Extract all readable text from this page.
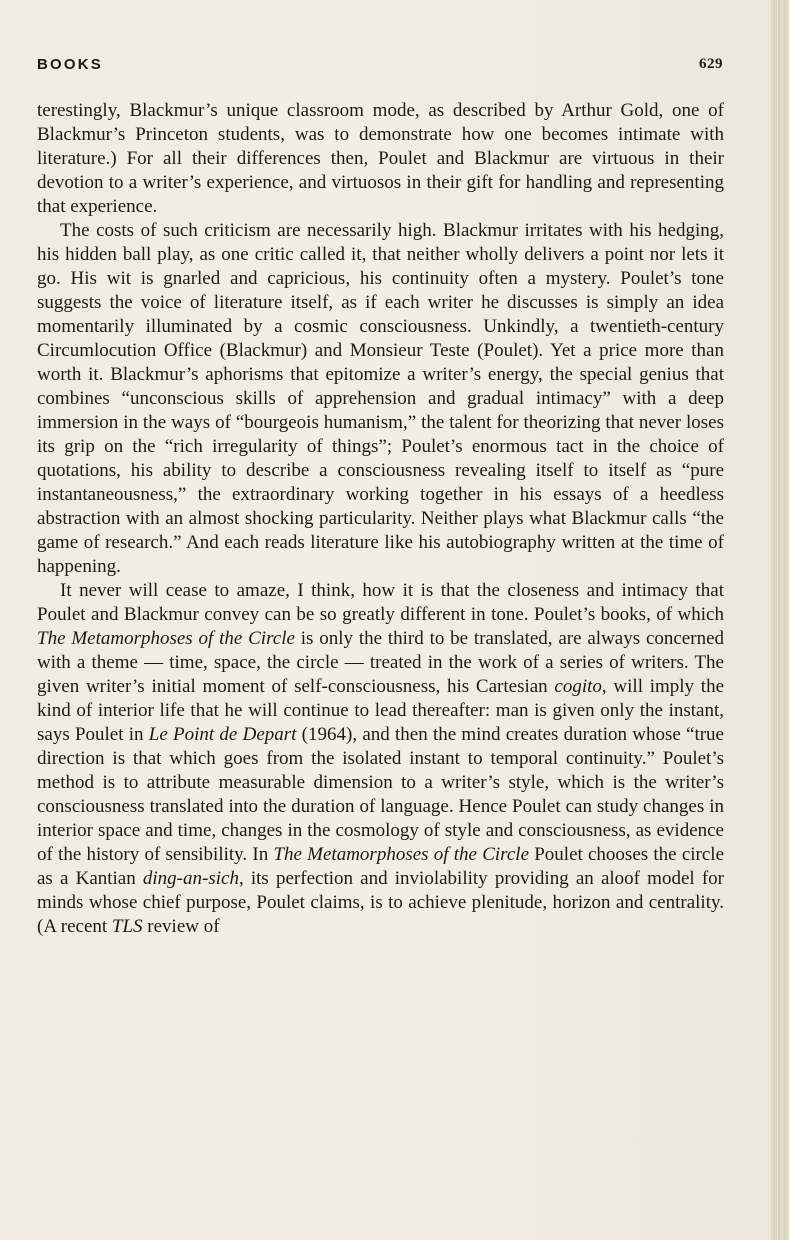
BOOKS	629

terestingly, Blackmur’s unique classroom mode, as described by Arthur Gold, one of Blackmur’s Princeton students, was to demonstrate how one becomes intimate with literature.) For all their differences then, Poulet and Blackmur are virtuous in their devotion to a writer’s experience, and virtuosos in their gift for handling and representing that experience.

The costs of such criticism are necessarily high. Blackmur irritates with his hedging, his hidden ball play, as one critic called it, that neither wholly delivers a point nor lets it go. His wit is gnarled and capricious, his continuity often a mystery. Poulet’s tone suggests the voice of literature itself, as if each writer he discusses is simply an idea momentarily illuminated by a cosmic consciousness. Unkindly, a twentieth-century Circumlocution Office (Blackmur) and Monsieur Teste (Poulet). Yet a price more than worth it. Blackmur’s aphorisms that epitomize a writer’s energy, the special genius that combines “unconscious skills of apprehension and gradual intimacy” with a deep immersion in the ways of “bourgeois humanism,” the talent for theorizing that never loses its grip on the “rich irregularity of things”; Poulet’s enormous tact in the choice of quotations, his ability to describe a consciousness revealing itself to itself as “pure instantaneousness,” the extraordinary working together in his essays of a heedless abstraction with an almost shocking particularity. Neither plays what Blackmur calls “the game of research.” And each reads literature like his autobiography written at the time of happening.

It never will cease to amaze, I think, how it is that the closeness and intimacy that Poulet and Blackmur convey can be so greatly different in tone. Poulet’s books, of which The Metamorphoses of the Circle is only the third to be translated, are always concerned with a theme — time, space, the circle — treated in the work of a series of writers. The given writer’s initial moment of self-consciousness, his Cartesian cogito, will imply the kind of interior life that he will continue to lead thereafter: man is given only the instant, says Poulet in Le Point de Depart (1964), and then the mind creates duration whose “true direction is that which goes from the isolated instant to temporal continuity.” Poulet’s method is to attribute measurable dimension to a writer’s style, which is the writer’s consciousness translated into the duration of language. Hence Poulet can study changes in interior space and time, changes in the cosmology of style and consciousness, as evidence of the history of sensibility. In The Metamorphoses of the Circle Poulet chooses the circle as a Kantian ding-an-sich, its perfection and inviolability providing an aloof model for minds whose chief purpose, Poulet claims, is to achieve plenitude, horizon and centrality. (A recent TLS review of
